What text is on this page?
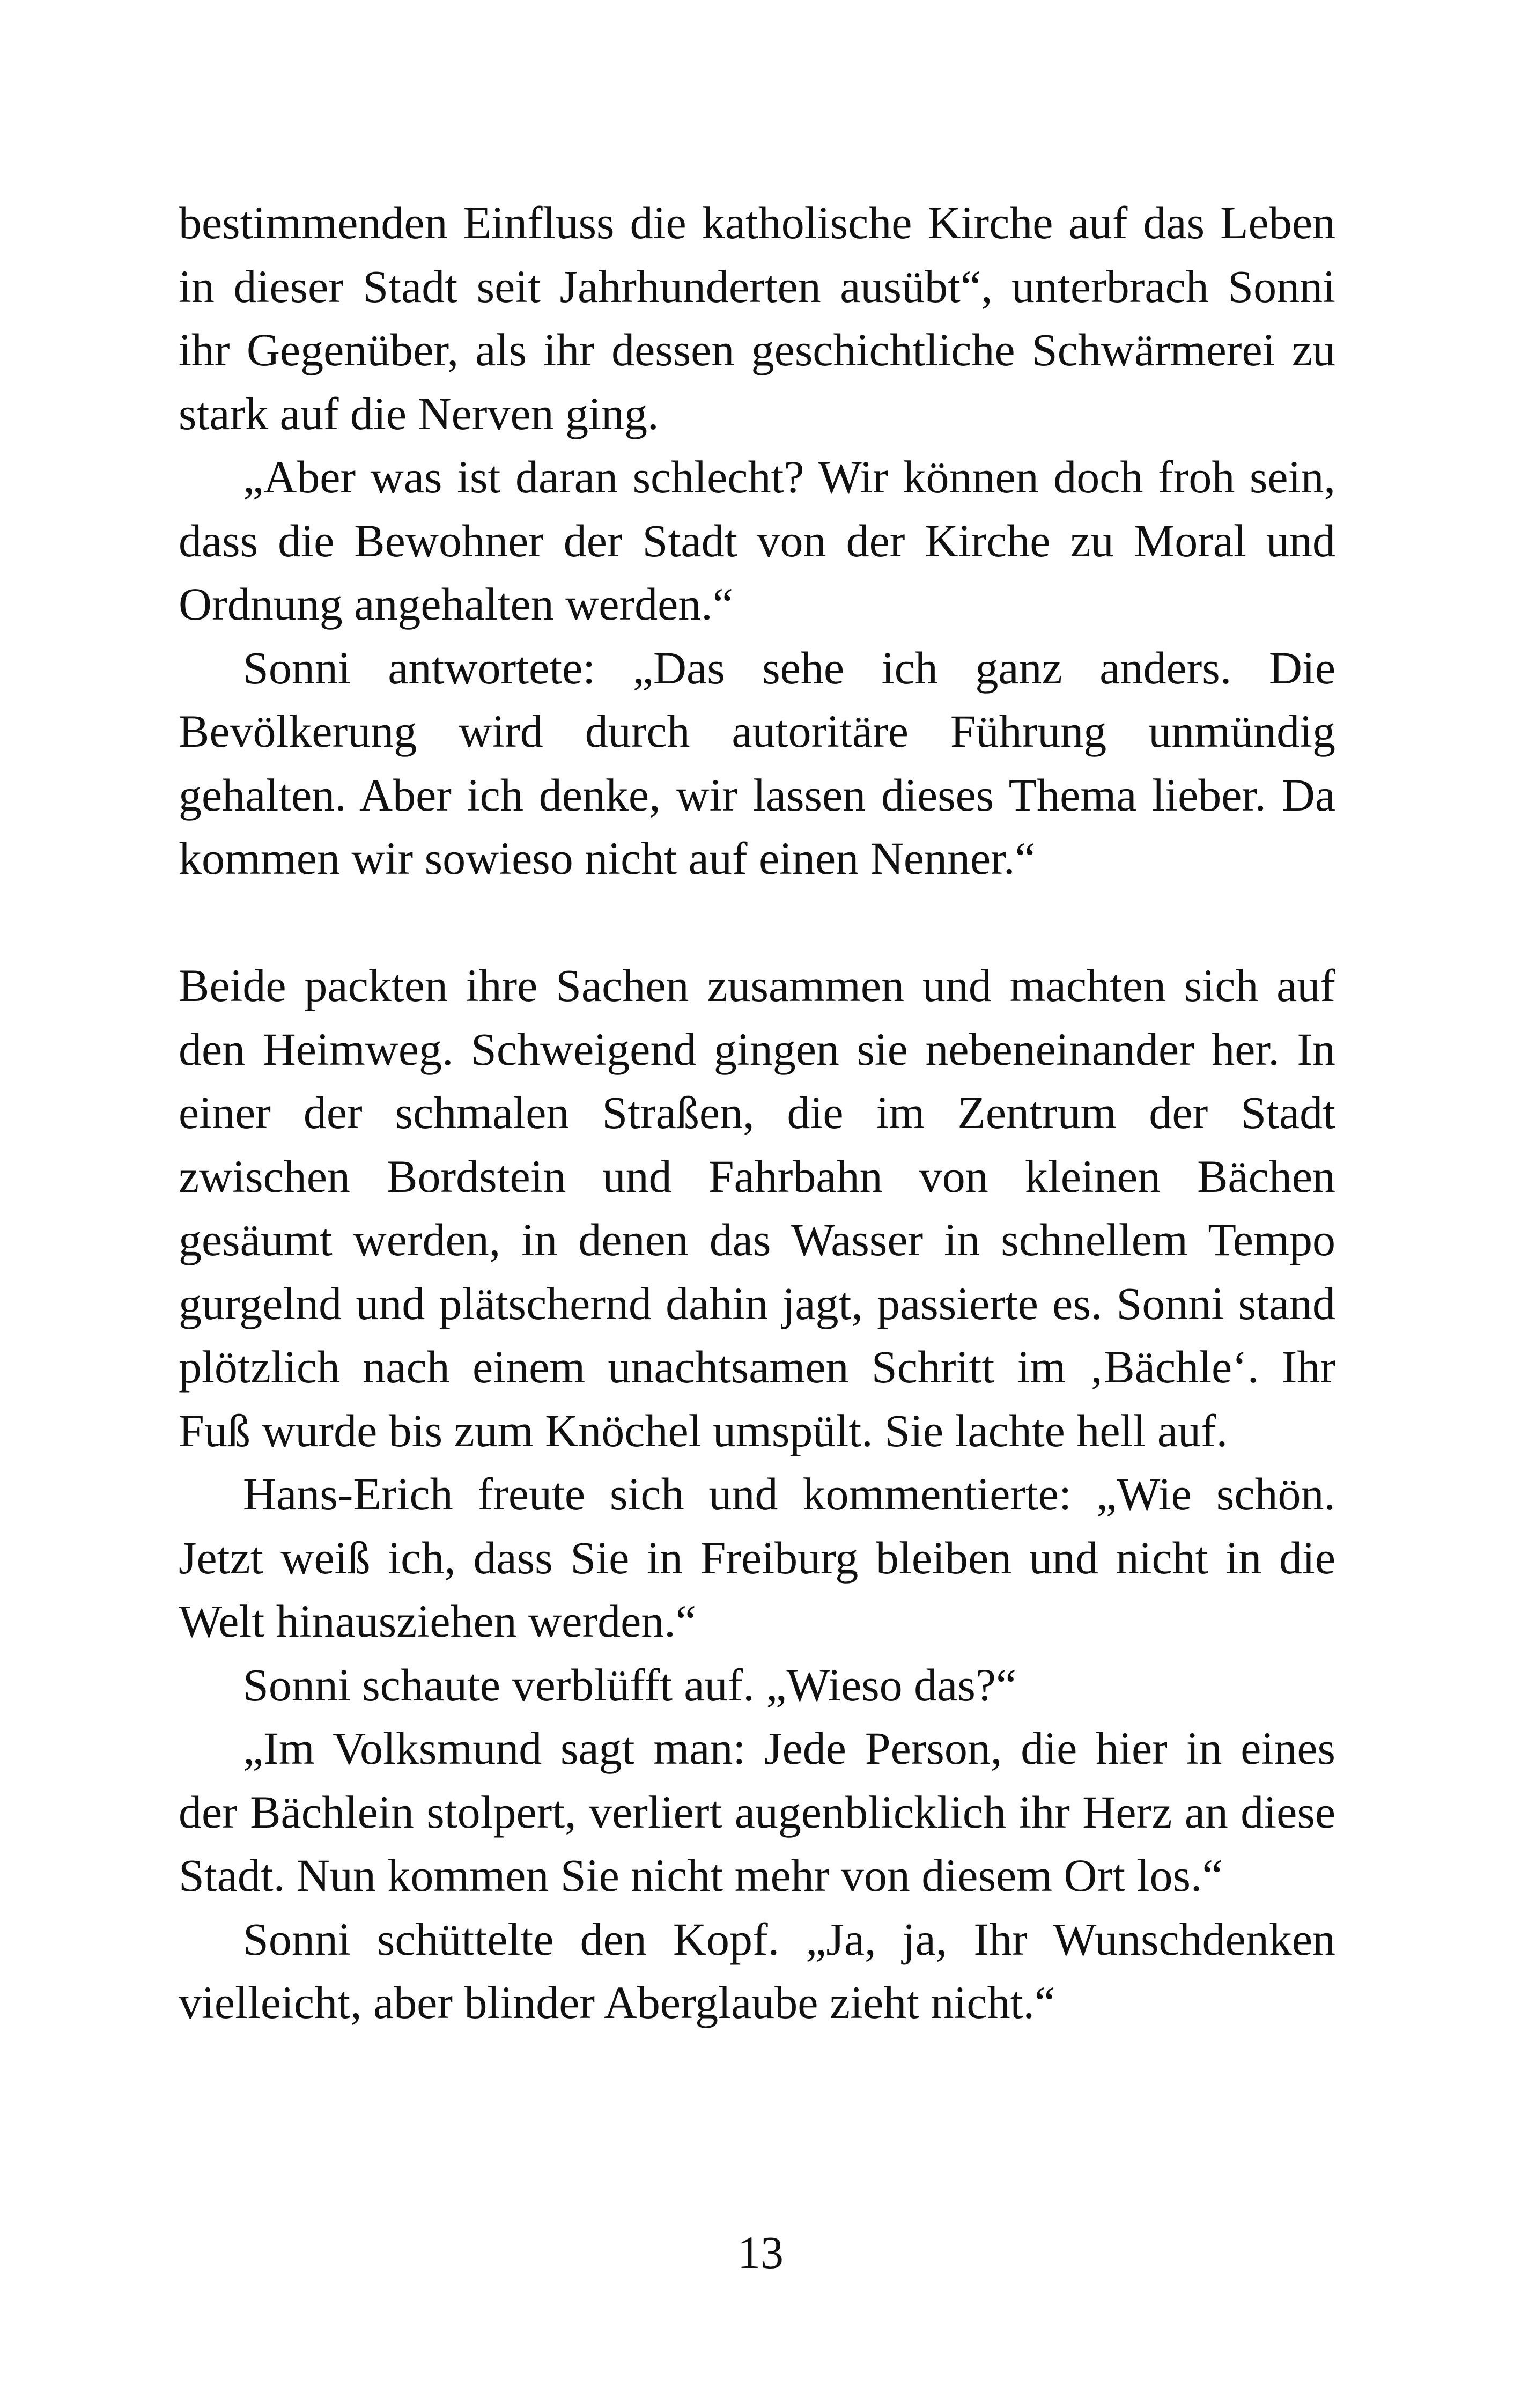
bestimmenden Einfluss die katholische Kirche auf das Leben in dieser Stadt seit Jahrhunderten ausübt“, unterbrach Sonni ihr Gegenüber, als ihr dessen geschichtliche Schwärmerei zu stark auf die Nerven ging.

„Aber was ist daran schlecht? Wir können doch froh sein, dass die Bewohner der Stadt von der Kirche zu Moral und Ordnung angehalten werden.“

Sonni antwortete: „Das sehe ich ganz anders. Die Bevölkerung wird durch autoritäre Führung unmündig gehalten. Aber ich denke, wir lassen dieses Thema lieber. Da kommen wir sowieso nicht auf einen Nenner.“

Beide packten ihre Sachen zusammen und machten sich auf den Heimweg. Schweigend gingen sie nebeneinander her. In einer der schmalen Straßen, die im Zentrum der Stadt zwischen Bordstein und Fahrbahn von kleinen Bächen gesäumt werden, in denen das Wasser in schnellem Tempo gurgelnd und plätschernd dahin jagt, passierte es. Sonni stand plötzlich nach einem unachtsamen Schritt im ‚Bächle‘. Ihr Fuß wurde bis zum Knöchel umspült. Sie lachte hell auf.

Hans-Erich freute sich und kommentierte: „Wie schön. Jetzt weiß ich, dass Sie in Freiburg bleiben und nicht in die Welt hinausziehen werden.“

Sonni schaute verblüfft auf. „Wieso das?“

„Im Volksmund sagt man: Jede Person, die hier in eines der Bächlein stolpert, verliert augenblicklich ihr Herz an diese Stadt. Nun kommen Sie nicht mehr von diesem Ort los.“

Sonni schüttelte den Kopf. „Ja, ja, Ihr Wunschdenken vielleicht, aber blinder Aberglaube zieht nicht.“

13
